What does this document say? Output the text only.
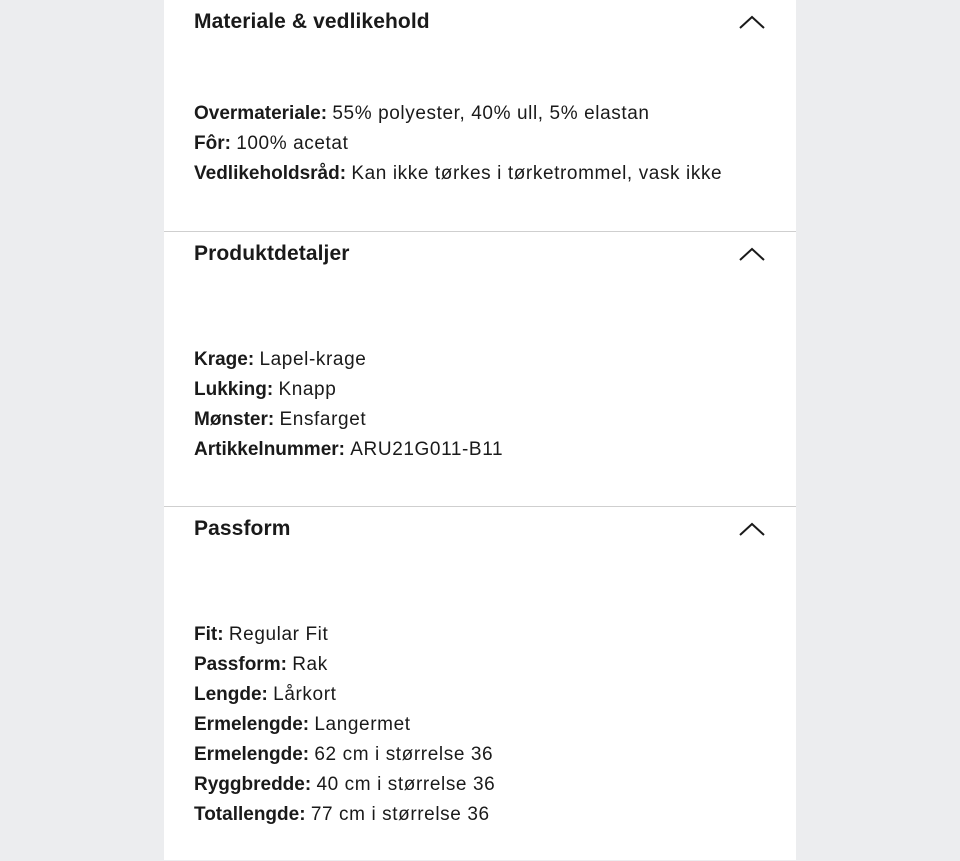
Materiale & vedlikehold
Overmateriale: 55% polyester, 40% ull, 5% elastan
Fôr: 100% acetat
Vedlikeholdsråd: Kan ikke tørkes i tørketrommel, vask ikke
Produktdetaljer
Krage: Lapel-krage
Lukking: Knapp
Mønster: Ensfarget
Artikkelnummer: ARU21G011-B11
Passform
Fit: Regular Fit
Passform: Rak
Lengde: Lårkort
Ermelengde: Langermet
Ermelengde: 62 cm i størrelse 36
Ryggbredde: 40 cm i størrelse 36
Totallengde: 77 cm i størrelse 36
